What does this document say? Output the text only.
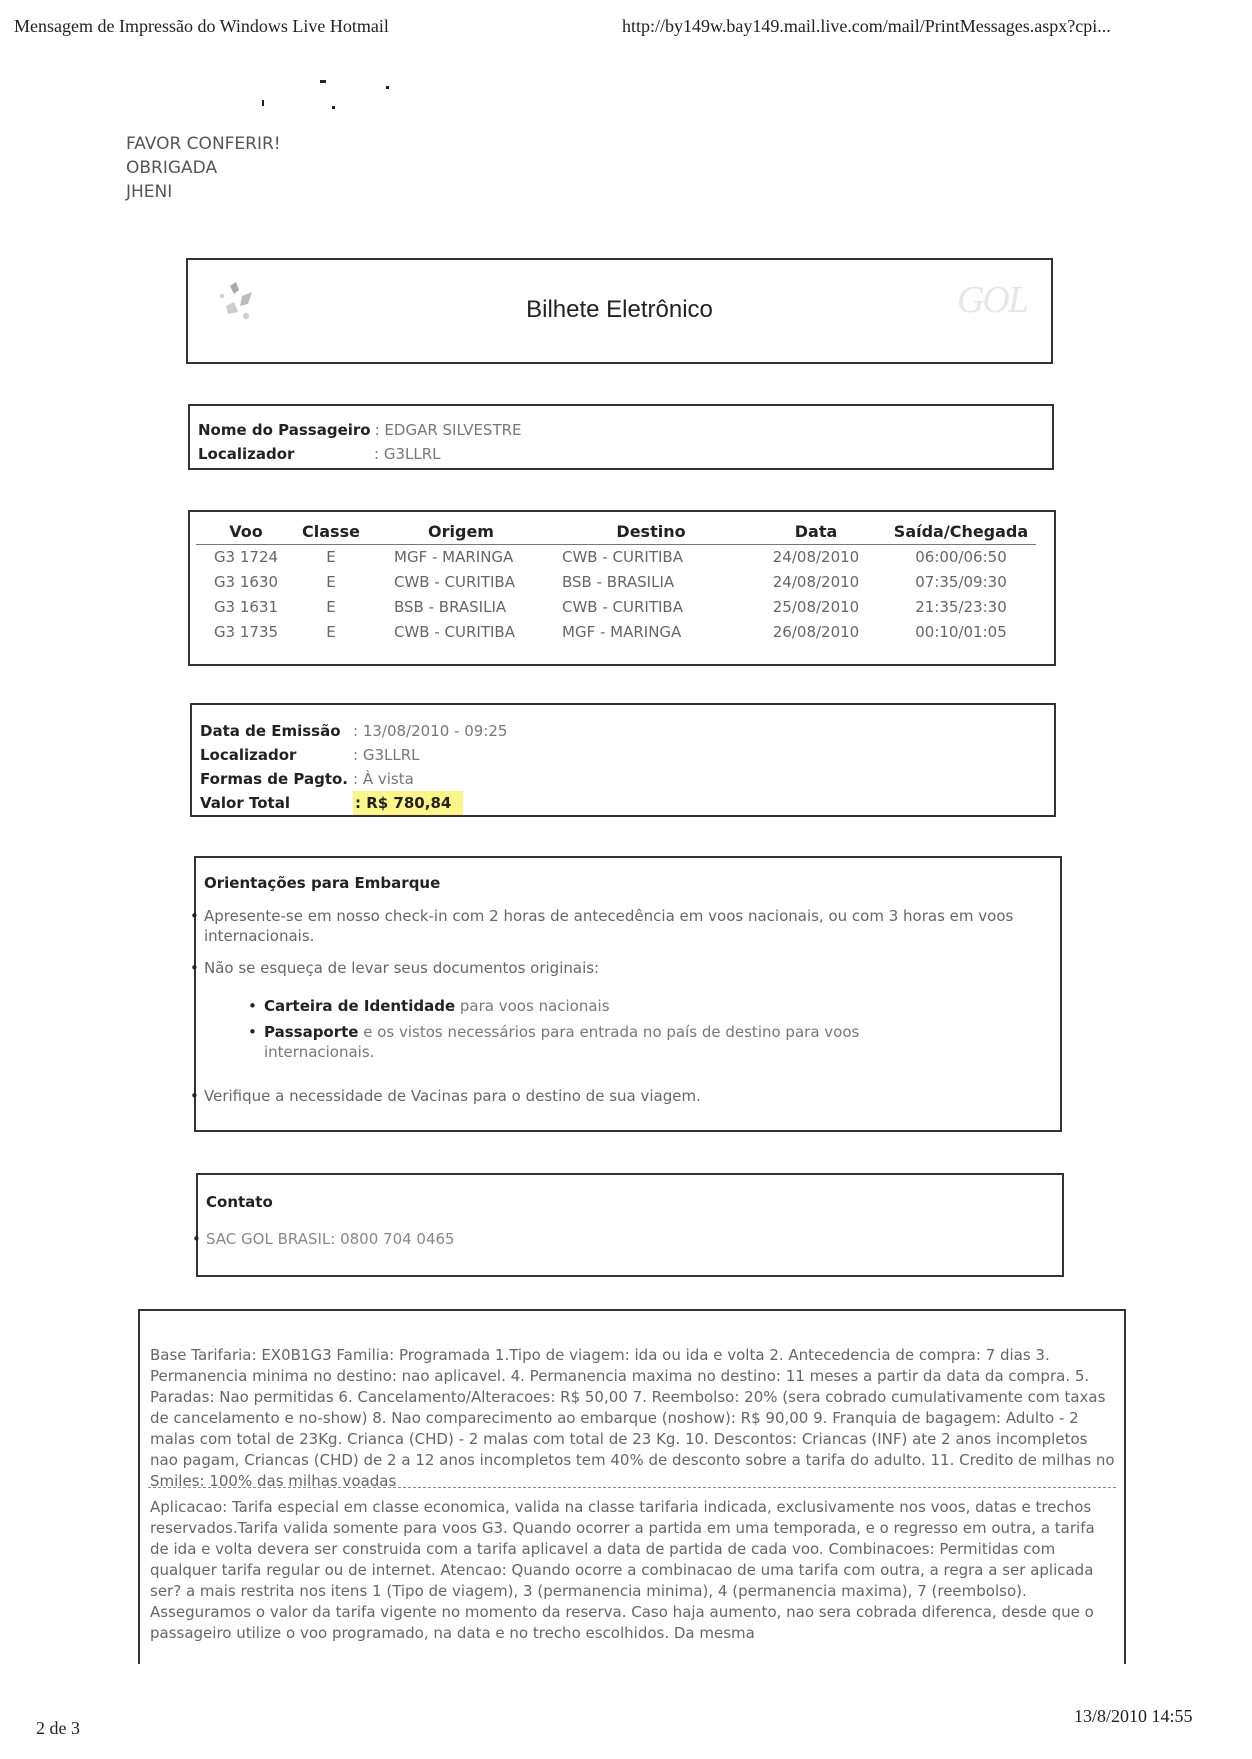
Mensagem de Impressão do Windows Live Hotmail	http://by149w.bay149.mail.live.com/mail/PrintMessages.aspx?cpi...
FAVOR CONFERIR!
OBRIGADA
JHENI
Bilhete Eletrônico	GOL
Nome do Passageiro : EDGAR SILVESTRE
Localizador	: G3LLRL
Voo	Classe	Origem	Destino	Data	Saída/Chegada
G3 1724	E	MGF - MARINGA	CWB - CURITIBA	24/08/2010	06:00/06:50
G3 1630	E	CWB - CURITIBA	BSB - BRASILIA	24/08/2010	07:35/09:30
G3 1631	E	BSB - BRASILIA	CWB - CURITIBA	25/08/2010	21:35/23:30
G3 1735	E	CWB - CURITIBA	MGF - MARINGA	26/08/2010	00:10/01:05
Data de Emissão : 13/08/2010 - 09:25
Localizador	: G3LLRL
Formas de Pagto. : À vista
Valor Total	: R$ 780,84
Orientações para Embarque
• Apresente-se em nosso check-in com 2 horas de antecedência em voos nacionais, ou com 3 horas em voos internacionais.
• Não se esqueça de levar seus documentos originais:
• Carteira de Identidade para voos nacionais
• Passaporte e os vistos necessários para entrada no país de destino para voos internacionais.
• Verifique a necessidade de Vacinas para o destino de sua viagem.
Contato
• SAC GOL BRASIL: 0800 704 0465
Base Tarifaria: EX0B1G3 Familia: Programada 1.Tipo de viagem: ida ou ida e volta 2. Antecedencia de compra: 7 dias 3. Permanencia minima no destino: nao aplicavel. 4. Permanencia maxima no destino: 11 meses a partir da data da compra. 5. Paradas: Nao permitidas 6. Cancelamento/Alteracoes: R$ 50,00 7. Reembolso: 20% (sera cobrado cumulativamente com taxas de cancelamento e no-show) 8. Nao comparecimento ao embarque (noshow): R$ 90,00 9. Franquia de bagagem: Adulto - 2 malas com total de 23Kg. Crianca (CHD) - 2 malas com total de 23 Kg. 10. Descontos: Criancas (INF) ate 2 anos incompletos nao pagam, Criancas (CHD) de 2 a 12 anos incompletos tem 40% de desconto sobre a tarifa do adulto. 11. Credito de milhas no Smiles: 100% das milhas voadas
Aplicacao: Tarifa especial em classe economica, valida na classe tarifaria indicada, exclusivamente nos voos, datas e trechos reservados.Tarifa valida somente para voos G3. Quando ocorrer a partida em uma temporada, e o regresso em outra, a tarifa de ida e volta devera ser construida com a tarifa aplicavel a data de partida de cada voo. Combinacoes: Permitidas com qualquer tarifa regular ou de internet. Atencao: Quando ocorre a combinacao de uma tarifa com outra, a regra a ser aplicada ser? a mais restrita nos itens 1 (Tipo de viagem), 3 (permanencia minima), 4 (permanencia maxima), 7 (reembolso). Asseguramos o valor da tarifa vigente no momento da reserva. Caso haja aumento, nao sera cobrada diferenca, desde que o passageiro utilize o voo programado, na data e no trecho escolhidos. Da mesma
2 de 3
13/8/2010 14:55
